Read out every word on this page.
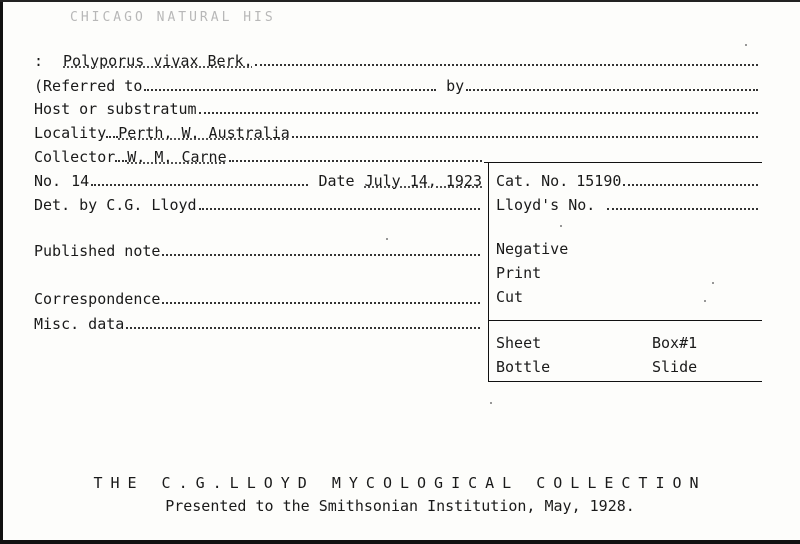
CHICAGO NATURAL HIS
: Polyporus vivax Berk.
(Referred to	by
Host or substratum
Locality Perth, W. Australia
Collector W. M. Carne
No. 14	Date July 14, 1923
Det. by C.G. Lloyd
Published note
Correspondence
Misc. data
Cat. No. 15190
Lloyd's No.
Negative
Print
Cut
Sheet	Box#1
Bottle	Slide
THE C.G.LLOYD MYCOLOGICAL COLLECTION
Presented to the Smithsonian Institution, May, 1928.
